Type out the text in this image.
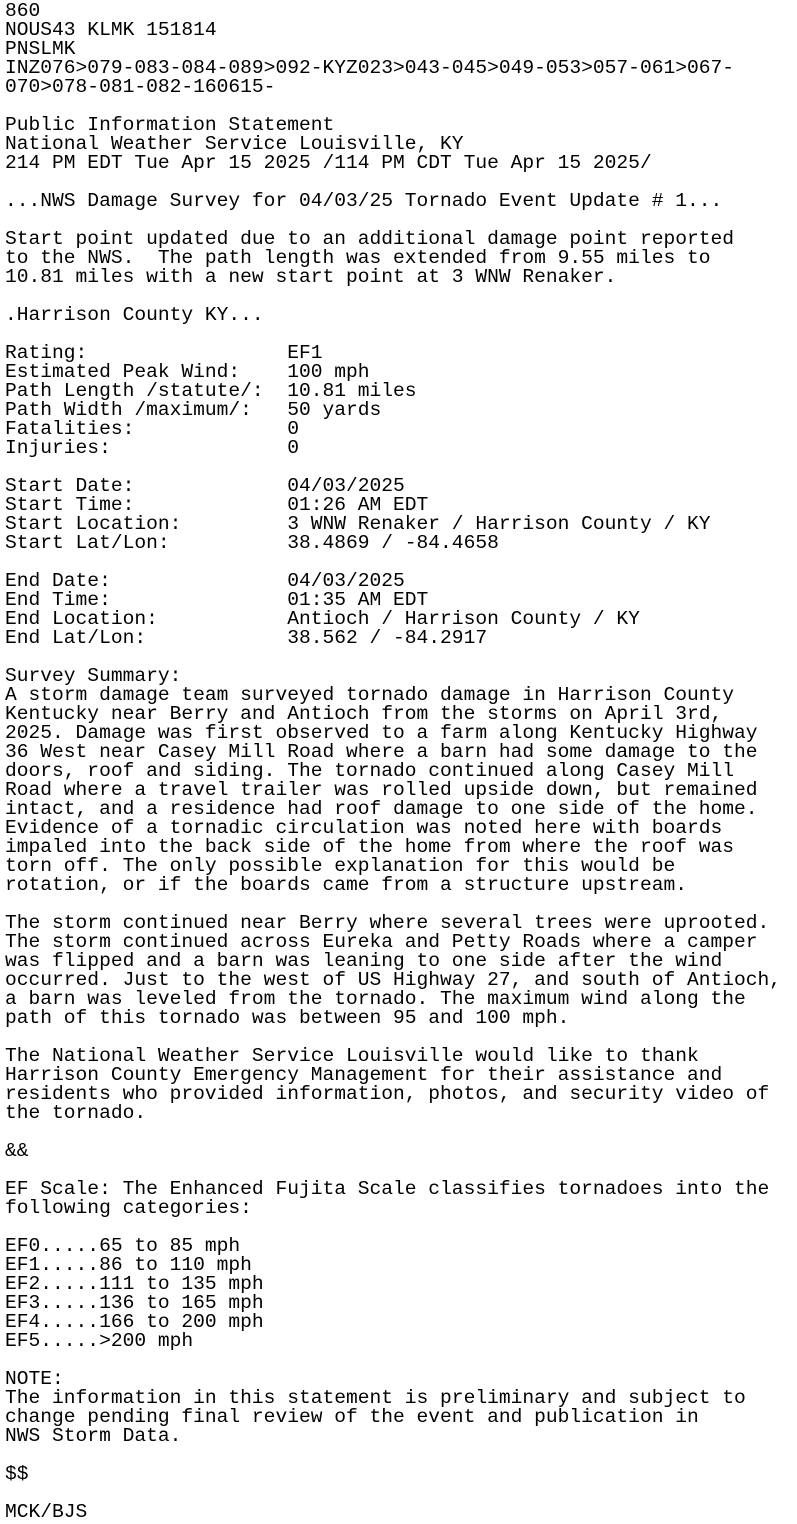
860
NOUS43 KLMK 151814
PNSLMK
INZ076>079-083-084-089>092-KYZ023>043-045>049-053>057-061>067-
070>078-081-082-160615-
Public Information Statement
National Weather Service Louisville, KY
214 PM EDT Tue Apr 15 2025 /114 PM CDT Tue Apr 15 2025/
...NWS Damage Survey for 04/03/25 Tornado Event Update # 1...
Start point updated due to an additional damage point reported
to the NWS.  The path length was extended from 9.55 miles to
10.81 miles with a new start point at 3 WNW Renaker.
.Harrison County KY...
Rating:                 EF1
Estimated Peak Wind:    100 mph
Path Length /statute/:  10.81 miles
Path Width /maximum/:   50 yards
Fatalities:             0
Injuries:               0
Start Date:             04/03/2025
Start Time:             01:26 AM EDT
Start Location:         3 WNW Renaker / Harrison County / KY
Start Lat/Lon:          38.4869 / -84.4658
End Date:               04/03/2025
End Time:               01:35 AM EDT
End Location:           Antioch / Harrison County / KY
End Lat/Lon:            38.562 / -84.2917
Survey Summary:
A storm damage team surveyed tornado damage in Harrison County
Kentucky near Berry and Antioch from the storms on April 3rd,
2025. Damage was first observed to a farm along Kentucky Highway
36 West near Casey Mill Road where a barn had some damage to the
doors, roof and siding. The tornado continued along Casey Mill
Road where a travel trailer was rolled upside down, but remained
intact, and a residence had roof damage to one side of the home.
Evidence of a tornadic circulation was noted here with boards
impaled into the back side of the home from where the roof was
torn off. The only possible explanation for this would be
rotation, or if the boards came from a structure upstream.
The storm continued near Berry where several trees were uprooted.
The storm continued across Eureka and Petty Roads where a camper
was flipped and a barn was leaning to one side after the wind
occurred. Just to the west of US Highway 27, and south of Antioch,
a barn was leveled from the tornado. The maximum wind along the
path of this tornado was between 95 and 100 mph.
The National Weather Service Louisville would like to thank
Harrison County Emergency Management for their assistance and
residents who provided information, photos, and security video of
the tornado.
&&
EF Scale: The Enhanced Fujita Scale classifies tornadoes into the
following categories:
EF0.....65 to 85 mph
EF1.....86 to 110 mph
EF2.....111 to 135 mph
EF3.....136 to 165 mph
EF4.....166 to 200 mph
EF5.....>200 mph
NOTE:
The information in this statement is preliminary and subject to
change pending final review of the event and publication in
NWS Storm Data.
$$
MCK/BJS
